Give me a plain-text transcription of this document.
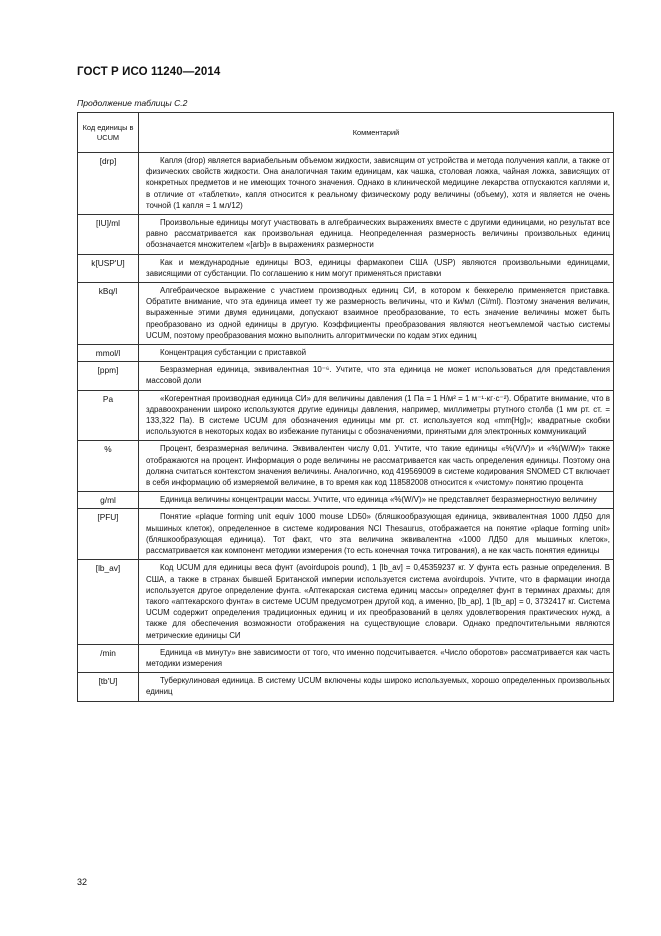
ГОСТ Р ИСО 11240—2014
Продолжение таблицы С.2
Код единицы в UCUM	Комментарий
[drp]	Капля (drop) является вариабельным объемом жидкости, зависящим от устройства и метода получения капли, а также от физических свойств жидкости. Она аналогичная таким единицам, как чашка, столовая ложка, чайная ложка, зависящих от конкретных предметов и не имеющих точного значения. Однако в клинической медицине лекарства отпускаются каплями и, в отличие от «таблетки», капля относится к реальному физическому роду величины (объему), хотя и является не очень точной (1 капля = 1 мл/12)

[IU]/ml	Произвольные единицы могут участвовать в алгебраических выражениях вместе с другими единицами, но результат все равно рассматривается как произвольная единица. Неопределенная размерность величины произвольных единиц обозначается множителем «[arb]» в выражениях размерности

k[USP'U]	Как и международные единицы ВОЗ, единицы фармакопеи США (USP) являются произвольными единицами, зависящими от субстанции. По соглашению к ним могут применяться приставки

kBq/l	Алгебраическое выражение с участием производных единиц СИ, в котором к беккерелю применяется приставка. Обратите внимание, что эта единица имеет ту же размерность величины, что и Ки/мл (Ci/ml). Поэтому значения величин, выраженные этими двумя единицами, допускают взаимное преобразование, то есть значение величины может быть преобразовано из одной единицы в другую. Коэффициенты преобразования являются неотъемлемой частью системы UCUM, поэтому преобразования можно выполнить алгоритмически по кодам этих единиц

mmol/l	Концентрация субстанции с приставкой

[ppm]	Безразмерная единица, эквивалентная 10⁻⁶. Учтите, что эта единица не может использоваться для представления массовой доли

Pa	«Когерентная производная единица СИ» для величины давления (1 Па = 1 Н/м² = 1 м⁻¹·кг·с⁻²). Обратите внимание, что в здравоохранении широко используются другие единицы давления, например, миллиметры ртутного столба (1 мм рт. ст. = 133,322 Па). В системе UCUM для обозначения единицы мм рт. ст. используется код «mm[Hg]»; квадратные скобки используются в некоторых кодах во избежание путаницы с обозначениями, принятыми для электронных коммуникаций

%	Процент, безразмерная величина. Эквивалентен числу 0,01. Учтите, что такие единицы «%(V/V)» и «%(W/W)» также отображаются на процент. Информация о роде величины не рассматривается как часть определения единицы. Поэтому она должна считаться контекстом значения величины. Аналогично, код 419569009 в системе кодирования SNOMED CT включает в себя информацию об измеряемой величине, в то время как код 118582008 относится к «чистому» понятию процента

g/ml	Единица величины концентрации массы. Учтите, что единица «%(W/V)» не представляет безразмерностную величину

[PFU]	Понятие «plaque forming unit equiv 1000 mouse LD50» (бляшкообразующая единица, эквивалентная 1000 ЛД50 для мышиных клеток), определенное в системе кодирования NCI Thesaurus, отображается на понятие «plaque forming unit» (бляшкообразующая единица). Тот факт, что эта величина эквивалентна «1000 ЛД50 для мышиных клеток», рассматривается как компонент методики измерения (то есть конечная точка титрования), а не как часть понятия единицы

[lb_av]	Код UCUM для единицы веса фунт (avoirdupois pound), 1 [lb_av] = 0,45359237 кг. У фунта есть разные определения. В США, а также в странах бывшей Британской империи используется система avoirdupois. Учтите, что в фармации иногда используется другое определение фунта. «Аптекарская система единиц массы» определяет фунт в терминах драхмы; для такого «аптекарского фунта» в системе UCUM предусмотрен другой код, а именно, [lb_ap], 1 [lb_ap] = 0, 3732417 кг. Система UCUM содержит определения традиционных единиц и их преобразований в целях удовлетворения практических нужд, а также для обеспечения возможности отображения на существующие словари. Однако предпочтительными являются метрические единицы СИ

/min	Единица «в минуту» вне зависимости от того, что именно подсчитывается. «Число оборотов» рассматривается как часть методики измерения

[tb'U]	Туберкулиновая единица. В систему UCUM включены коды широко используемых, хорошо определенных произвольных единиц

32
